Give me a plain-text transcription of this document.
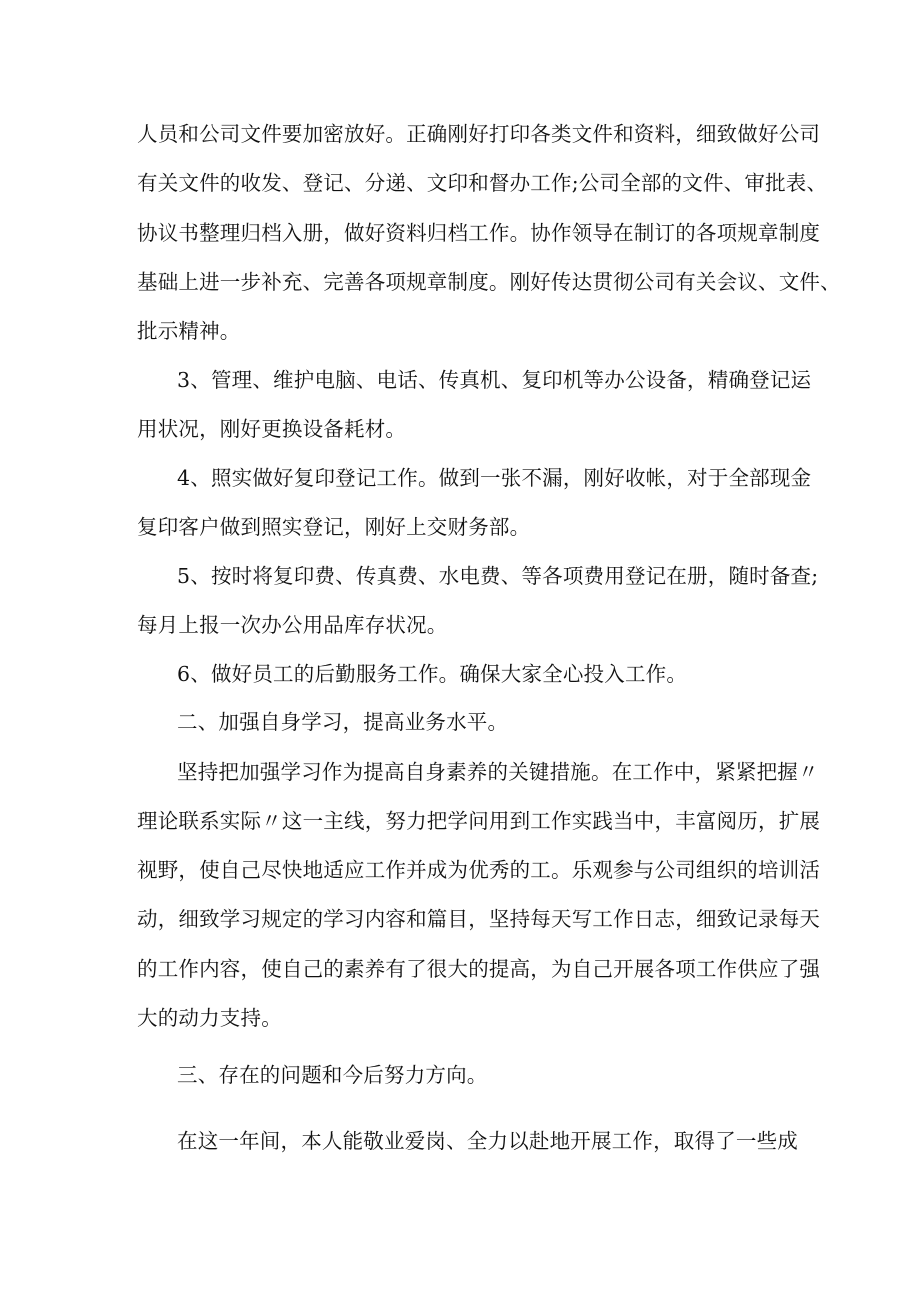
人员和公司文件要加密放好。正确刚好打印各类文件和资料，细致做好公司
有关文件的收发、登记、分递、文印和督办工作;公司全部的文件、审批表、
协议书整理归档入册，做好资料归档工作。协作领导在制订的各项规章制度
基础上进一步补充、完善各项规章制度。刚好传达贯彻公司有关会议、文件、
批示精神。
3、管理、维护电脑、电话、传真机、复印机等办公设备，精确登记运
用状况，刚好更换设备耗材。
4、照实做好复印登记工作。做到一张不漏，刚好收帐，对于全部现金
复印客户做到照实登记，刚好上交财务部。
5、按时将复印费、传真费、水电费、等各项费用登记在册，随时备查;
每月上报一次办公用品库存状况。
6、做好员工的后勤服务工作。确保大家全心投入工作。
二、加强自身学习，提高业务水平。
坚持把加强学习作为提高自身素养的关键措施。在工作中，紧紧把握〃
理论联系实际〃这一主线，努力把学问用到工作实践当中，丰富阅历，扩展
视野，使自己尽快地适应工作并成为优秀的工。乐观参与公司组织的培训活
动，细致学习规定的学习内容和篇目，坚持每天写工作日志，细致记录每天
的工作内容，使自己的素养有了很大的提高，为自己开展各项工作供应了强
大的动力支持。
三、存在的问题和今后努力方向。
在这一年间，本人能敬业爱岗、全力以赴地开展工作，取得了一些成
